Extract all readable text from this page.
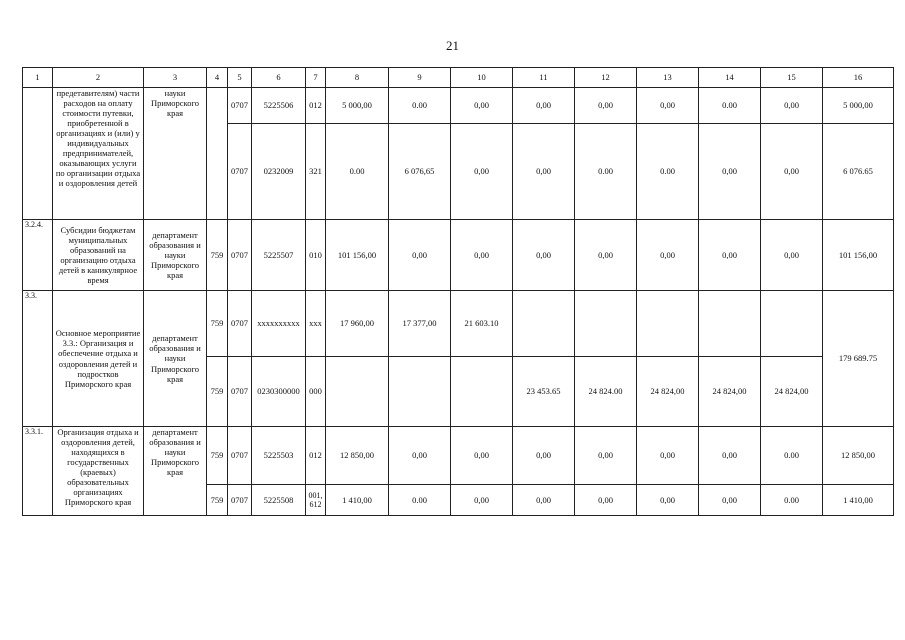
21
1	2	3	4	5	6	7	8	9	10	11	12	13	14	15	16
	предетавителям) части расходов на оплату стоимости путевки, приобретенной в организациях и (или) у индивидуальных предпринимателей, оказывающих услуги по организации отдыха и оздоровления детей	науки Приморского края		0707	5225506	012	5 000,00	0.00	0,00	0,00	0,00	0,00	0.00	0,00	5 000,00
				0707	0232009	321	0.00	6 076,65	0,00	0,00	0.00	0.00	0,00	0,00	6 076.65
3.2.4.	Субсидии бюджетам муниципальных образований на организацию отдыха детей в каникулярное время	департамент образования и науки Приморского края	759	0707	5225507	010	101 156,00	0,00	0,00	0,00	0,00	0,00	0,00	0,00	101 156,00
3.3.	Основное мероприятие 3.3.: Организация и обеспечение отдыха и оздоровления детей и подростков Приморского края	департамент образования и науки Приморского края	759	0707	xxxxxxxxxx	xxx	17 960,00	17 377,00	21 603.10						179 689.75
			759	0707	0230300000	000				23 453.65	24 824.00	24 824,00	24 824,00	24 824,00	
3.3.1.	Организация отдыха и оздоровления детей, находящихся в государственных (краевых) образовательных организациях Приморского края	департамент образования и науки Приморского края	759	0707	5225503	012	12 850,00	0,00	0,00	0,00	0,00	0,00	0,00	0.00	12 850,00
			759	0707	5225508	001, 612	1 410,00	0.00	0,00	0,00	0,00	0,00	0,00	0.00	1 410,00
